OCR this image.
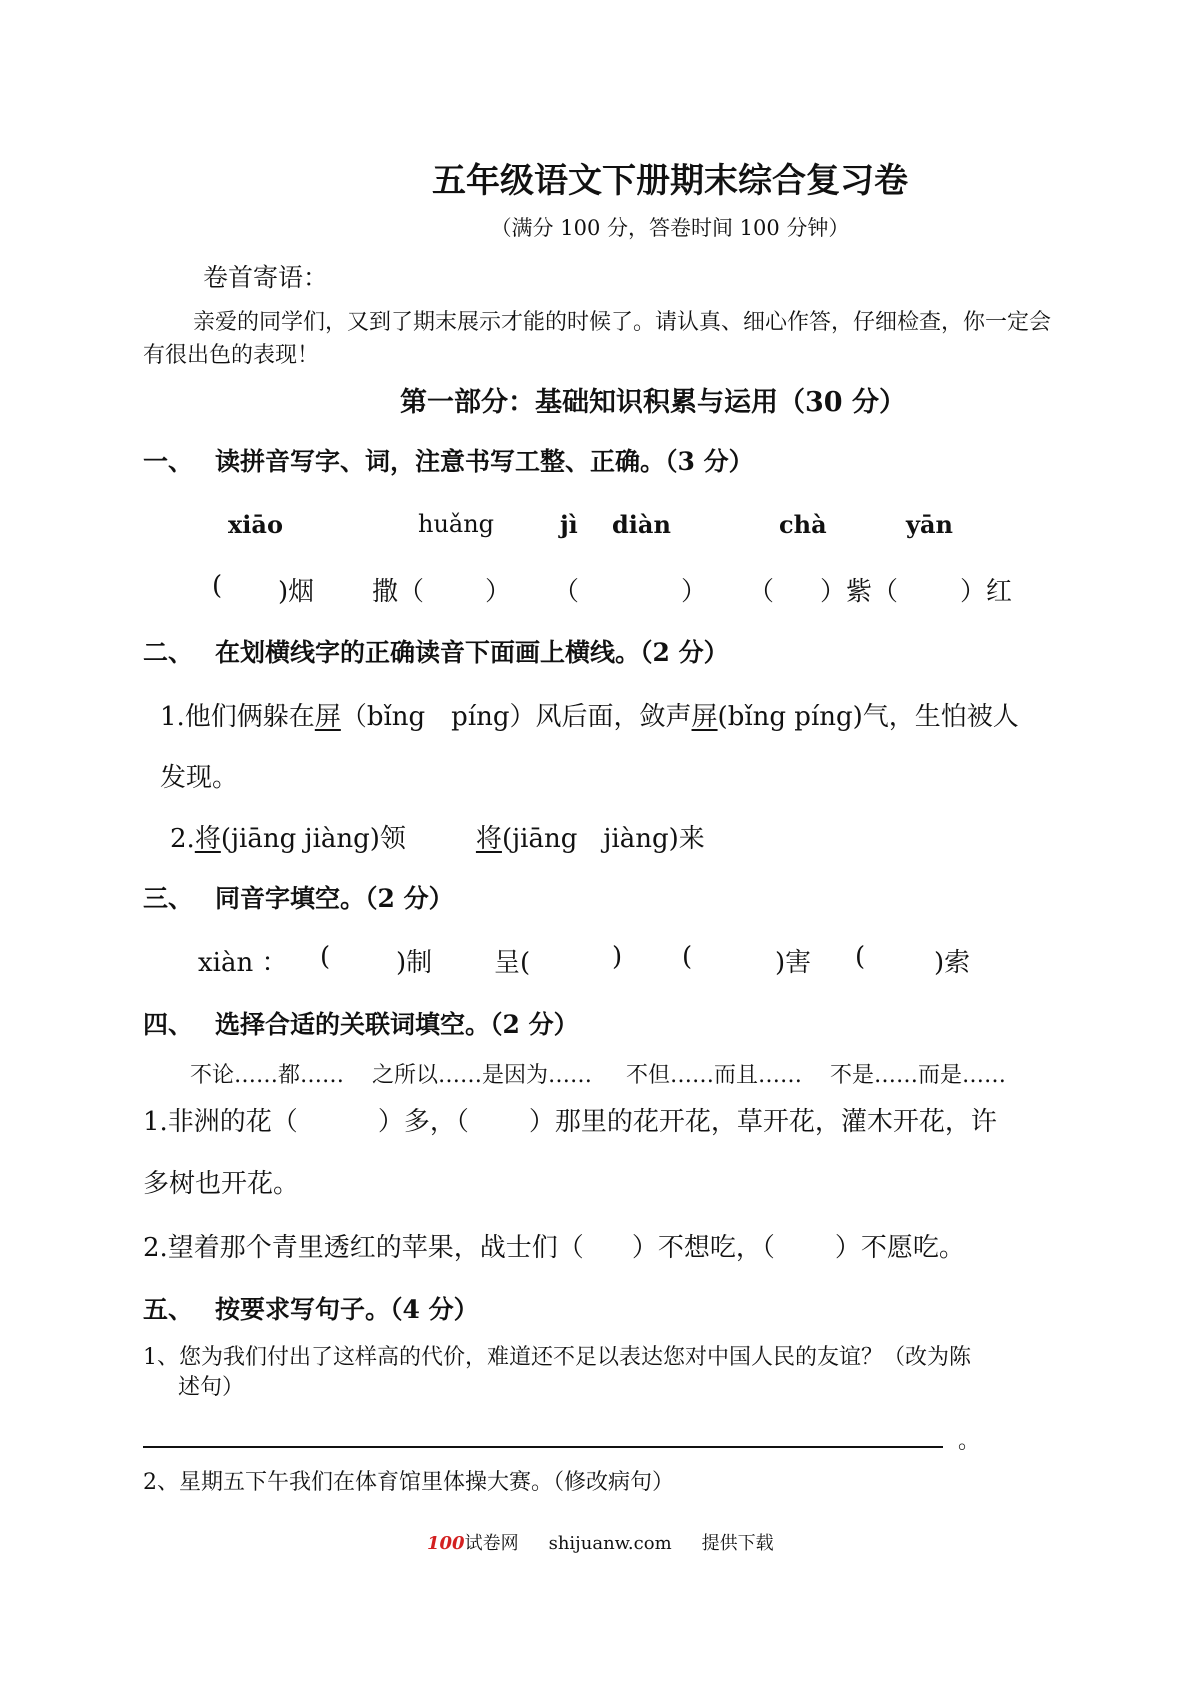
五年级语文下册期末综合复习卷
（满分 100 分，答卷时间 100 分钟）
卷首寄语：
亲爱的同学们，又到了期末展示才能的时候了。请认真、细心作答，仔细检查，你一定会有很出色的表现！
第一部分：基础知识积累与运用（30 分）
一、 读拼音写字、词，注意书写工整、正确。（3 分）
xiāo	huǎng	jì diàn	chà	yān
( )烟 撒（ ） （	） （ ）紫（ ）红
二、 在划横线字的正确读音下面画上横线。（2 分）
1.他们俩躲在屏（bǐng　píng）风后面，敛声屏(bǐng píng)气，生怕被人
发现。
2.将(jiāng jiàng)领	将(jiāng　jiàng)来
三、 同音字填空。（2 分）
xiàn ： (	)制 呈(	) (	)害 (	)索
四、 选择合适的关联词填空。（2 分）
不论……都…… 之所以……是因为…… 不但……而且…… 不是……而是……
1.非洲的花（	）多，（ ）那里的花开花，草开花，灌木开花，许
多树也开花。
2.望着那个青里透红的苹果，战士们（ ）不想吃，（ ）不愿吃。
五、 按要求写句子。（4 分）
1、您为我们付出了这样高的代价，难道还不足以表达您对中国人民的友谊？（改为陈
述句）
。
2、星期五下午我们在体育馆里体操大赛。（修改病句）
100试卷网 shijuanw.com 提供下载
